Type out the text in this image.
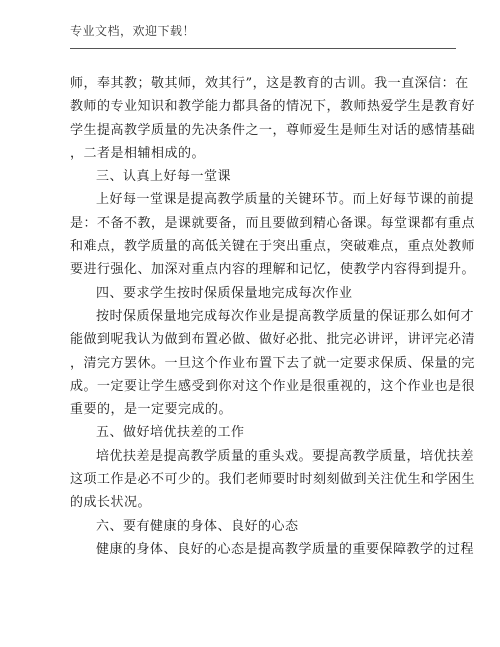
专业文档，欢迎下载！
师，奉其教；敬其师，效其行”，这是教育的古训。我一直深信：在
教师的专业知识和教学能力都具备的情况下，教师热爱学生是教育好
学生提高教学质量的先决条件之一，尊师爱生是师生对话的感情基础
，二者是相辅相成的。
三、认真上好每一堂课
上好每一堂课是提高教学质量的关键环节。而上好每节课的前提
是：不备不教，是课就要备，而且要做到精心备课。每堂课都有重点
和难点，教学质量的高低关键在于突出重点，突破难点，重点处教师
要进行强化、加深对重点内容的理解和记忆，使教学内容得到提升。
四、要求学生按时保质保量地完成每次作业
按时保质保量地完成每次作业是提高教学质量的保证那么如何才
能做到呢我认为做到布置必做、做好必批、批完必讲评，讲评完必清
，清完方罢休。一旦这个作业布置下去了就一定要求保质、保量的完
成。一定要让学生感受到你对这个作业是很重视的，这个作业也是很
重要的，是一定要完成的。
五、做好培优扶差的工作
培优扶差是提高教学质量的重头戏。要提高教学质量，培优扶差
这项工作是必不可少的。我们老师要时时刻刻做到关注优生和学困生
的成长状况。
六、要有健康的身体、良好的心态
健康的身体、良好的心态是提高教学质量的重要保障教学的过程
